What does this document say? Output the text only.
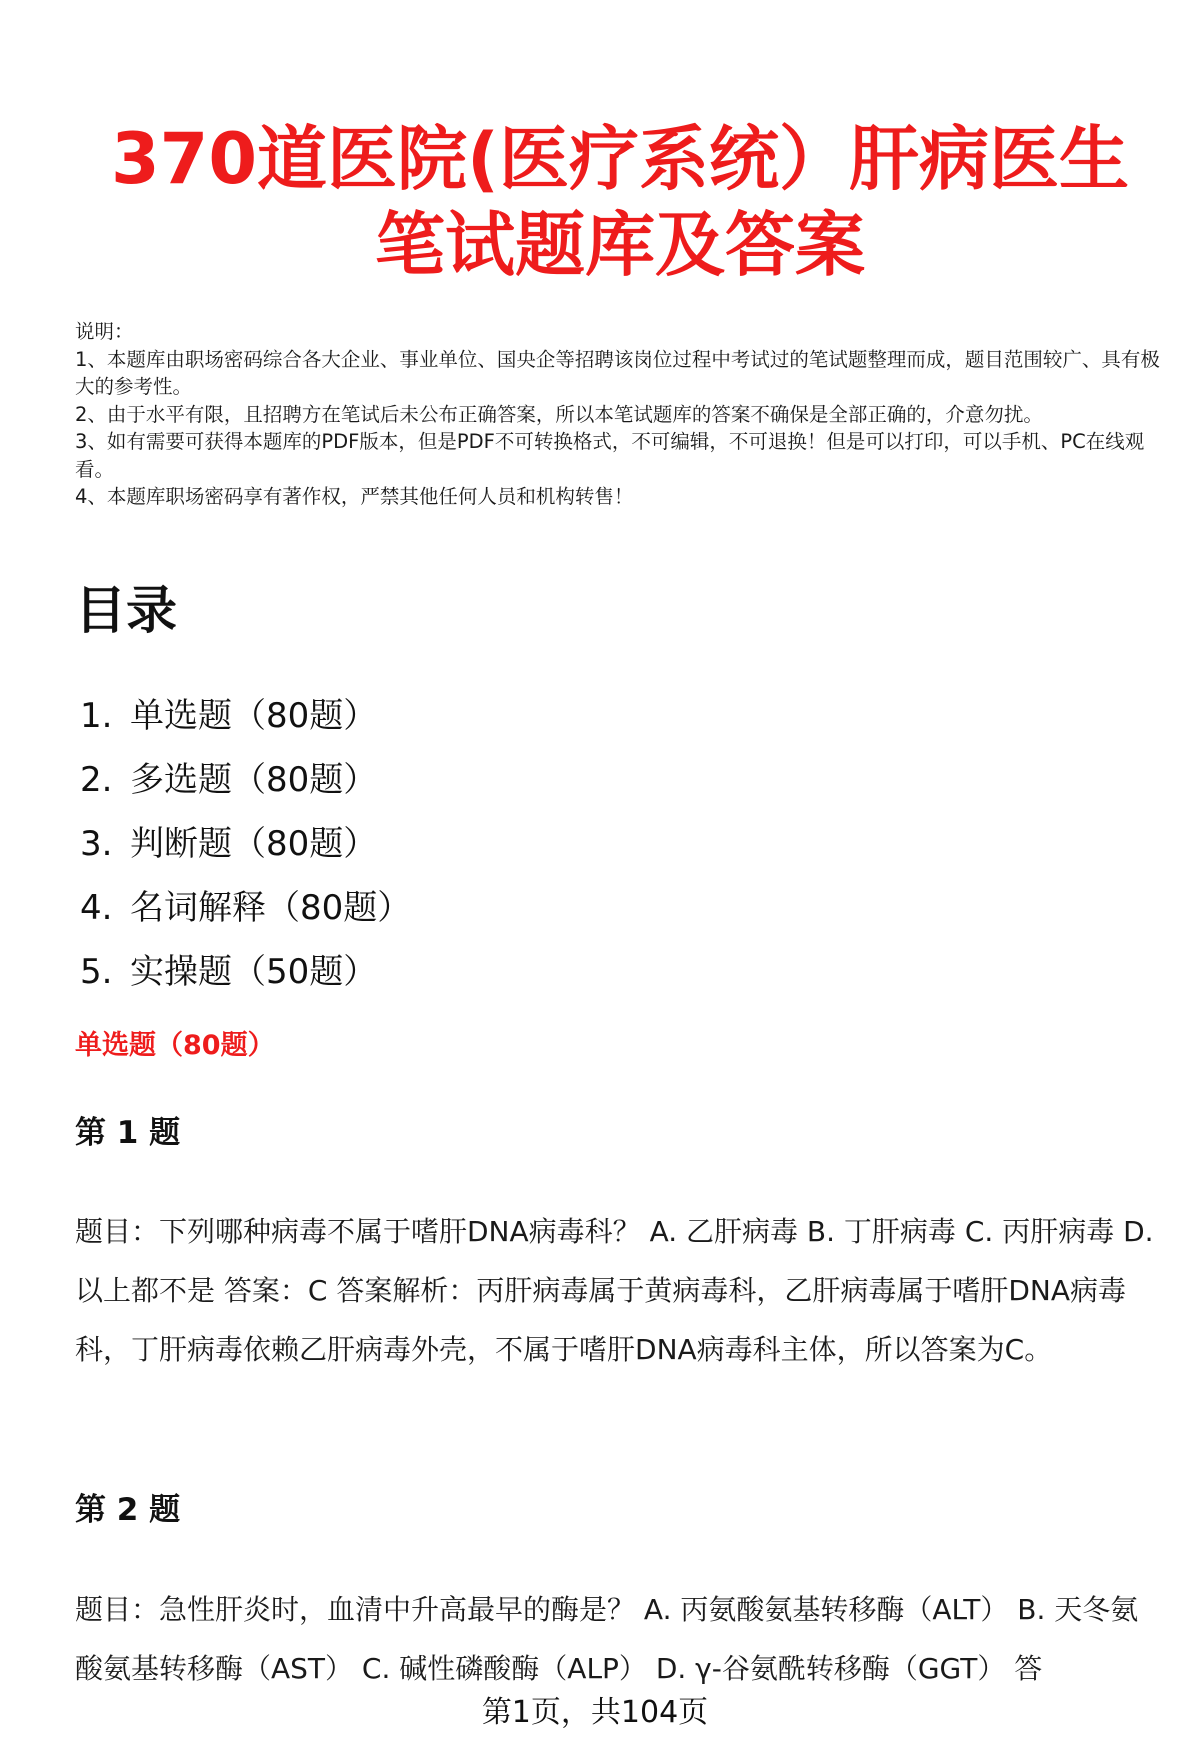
370道医院(医疗系统）肝病医生笔试题库及答案
说明：
1、本题库由职场密码综合各大企业、事业单位、国央企等招聘该岗位过程中考试过的笔试题整理而成，题目范围较广、具有极大的参考性。
2、由于水平有限，且招聘方在笔试后未公布正确答案，所以本笔试题库的答案不确保是全部正确的，介意勿扰。
3、如有需要可获得本题库的PDF版本，但是PDF不可转换格式，不可编辑，不可退换！但是可以打印，可以手机、PC在线观看。
4、本题库职场密码享有著作权，严禁其他任何人员和机构转售！
目录
1. 单选题（80题）
2. 多选题（80题）
3. 判断题（80题）
4. 名词解释（80题）
5. 实操题（50题）
单选题（80题）
第 1 题

题目：下列哪种病毒不属于嗜肝DNA病毒科？ A. 乙肝病毒 B. 丁肝病毒 C. 丙肝病毒 D. 以上都不是 答案：C 答案解析：丙肝病毒属于黄病毒科，乙肝病毒属于嗜肝DNA病毒科，丁肝病毒依赖乙肝病毒外壳，不属于嗜肝DNA病毒科主体，所以答案为C。

第 2 题

题目：急性肝炎时，血清中升高最早的酶是？ A. 丙氨酸氨基转移酶（ALT） B. 天冬氨酸氨基转移酶（AST） C. 碱性磷酸酶（ALP） D. γ-谷氨酰转移酶（GGT） 答

第1页，共104页
